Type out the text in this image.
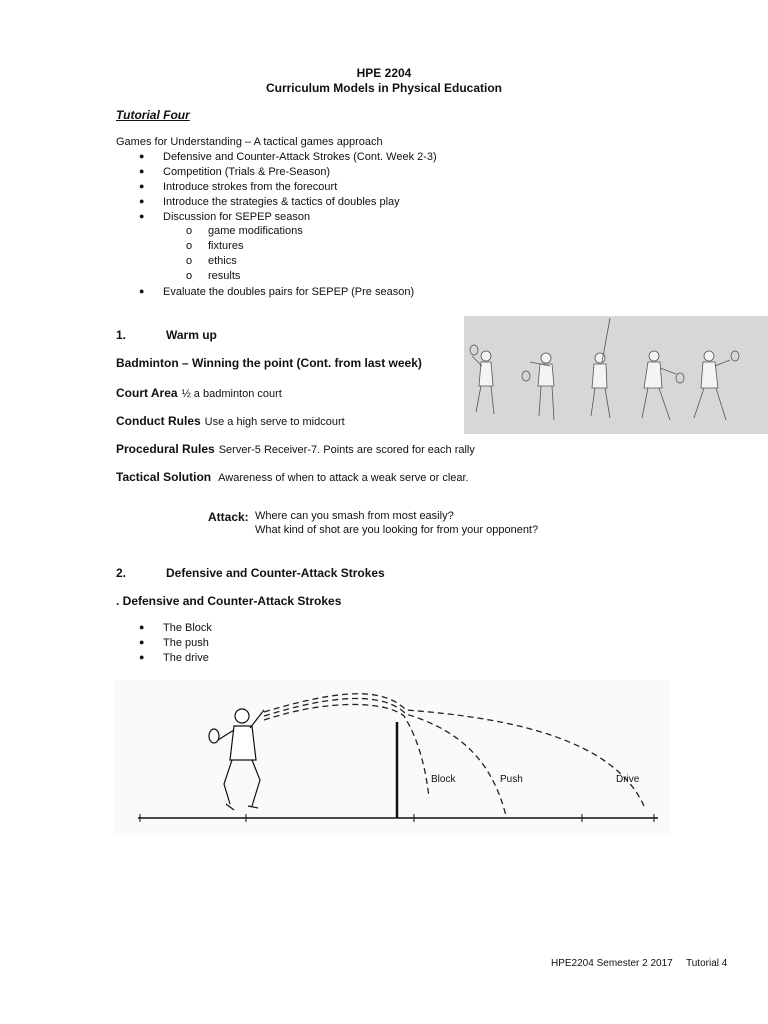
HPE 2204
Curriculum Models in Physical Education
Tutorial Four
Games for Understanding – A tactical games approach
● Defensive and Counter-Attack Strokes (Cont. Week 2-3)
● Competition (Trials & Pre-Season)
● Introduce strokes from the forecourt
● Introduce the strategies & tactics of doubles play
● Discussion for SEPEP season
o game modifications
o fixtures
o ethics
o results
● Evaluate the doubles pairs for SEPEP (Pre season)
1.	Warm up
Badminton – Winning the point (Cont. from last week)
Court Area ½ a badminton court
Conduct Rules Use a high serve to midcourt
Procedural Rules Server-5 Receiver-7. Points are scored for each rally
Tactical Solution Awareness of when to attack a weak serve or clear.
Attack: Where can you smash from most easily?
What kind of shot are you looking for from your opponent?
2.	Defensive and Counter-Attack Strokes
. Defensive and Counter-Attack Strokes
● The Block
● The push
● The drive
Block	Push	Drive
HPE2204 Semester 2 2017 Tutorial 4
